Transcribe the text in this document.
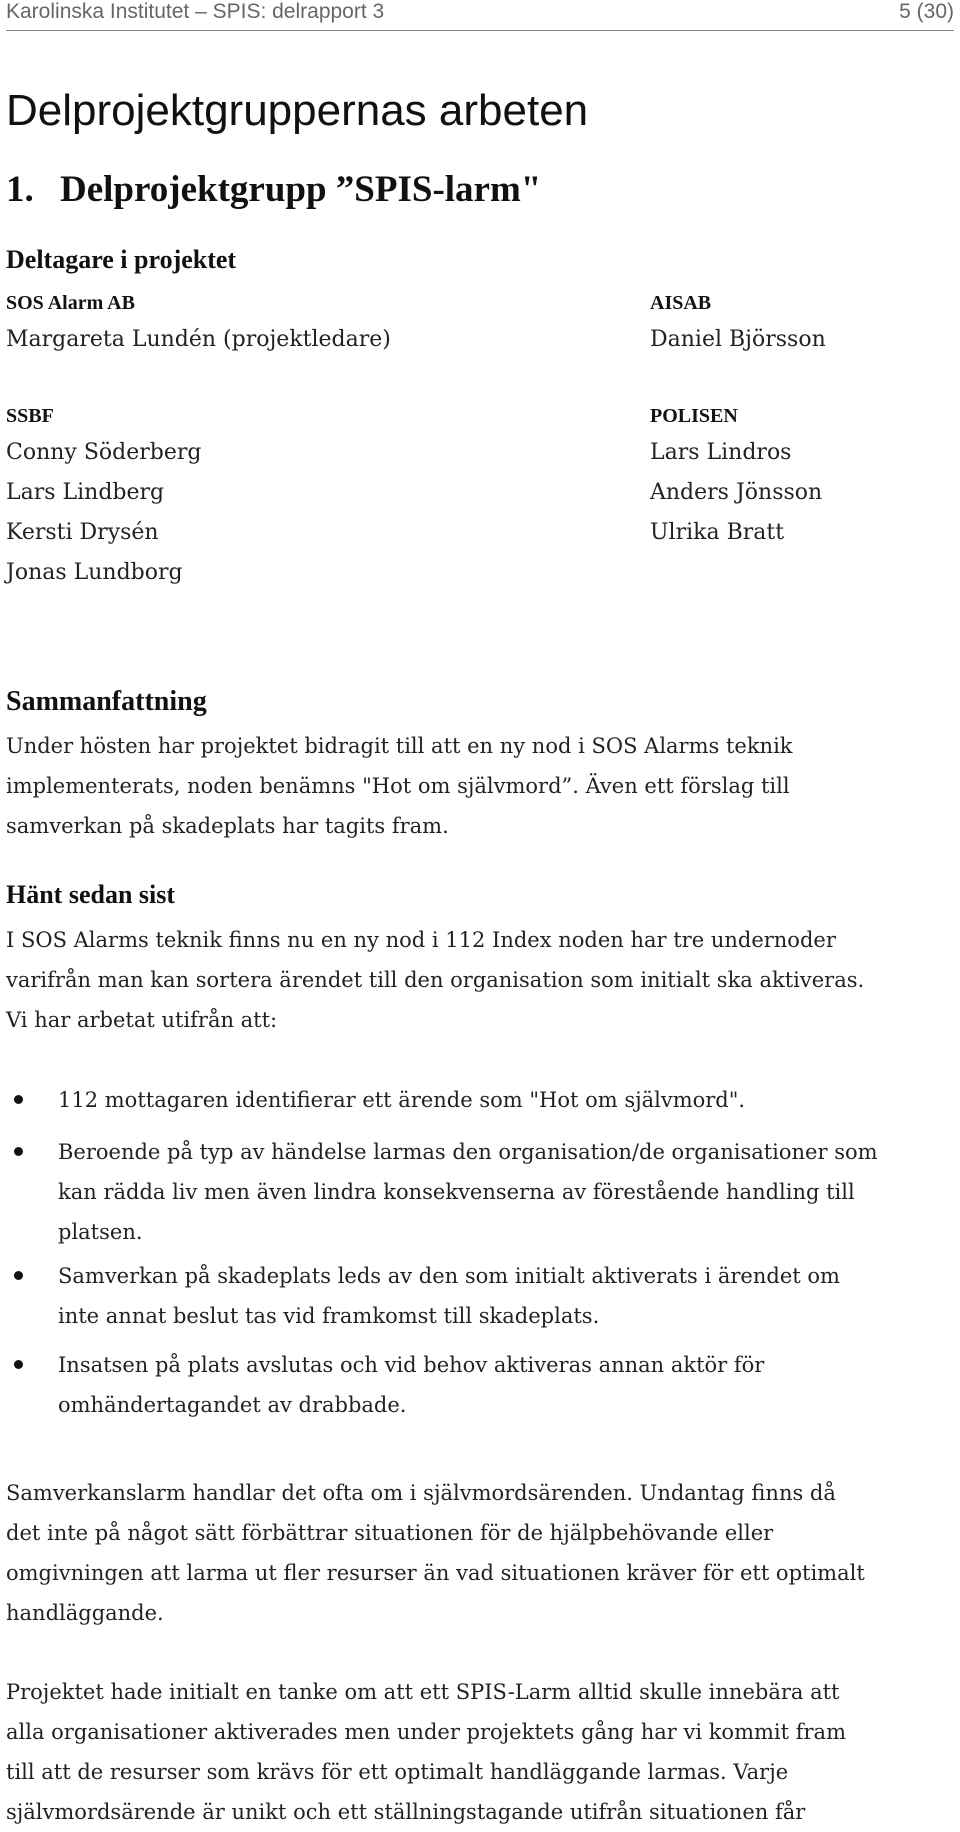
Karolinska Institutet – SPIS: delrapport 3	5 (30)
Delprojektgruppernas arbeten
1. Delprojektgrupp ”SPIS-larm"
Deltagare i projektet
SOS Alarm AB
Margareta Lundén (projektledare)
AISAB
Daniel Björsson
SSBF
Conny Söderberg
Lars Lindberg
Kersti Drysén
Jonas Lundborg
POLISEN
Lars Lindros
Anders Jönsson
Ulrika Bratt
Sammanfattning

Under hösten har projektet bidragit till att en ny nod i SOS Alarms teknik
implementerats, noden benämns "Hot om självmord”. Även ett förslag till
samverkan på skadeplats har tagits fram.

Hänt sedan sist

I SOS Alarms teknik finns nu en ny nod i 112 Index noden har tre undernoder
varifrån man kan sortera ärendet till den organisation som initialt ska aktiveras.
Vi har arbetat utifrån att:

112 mottagaren identifierar ett ärende som "Hot om självmord".
Beroende på typ av händelse larmas den organisation/de organisationer som
kan rädda liv men även lindra konsekvenserna av förestående handling till
platsen.
Samverkan på skadeplats leds av den som initialt aktiverats i ärendet om
inte annat beslut tas vid framkomst till skadeplats.
Insatsen på plats avslutas och vid behov aktiveras annan aktör för
omhändertagandet av drabbade.

Samverkanslarm handlar det ofta om i självmordsärenden. Undantag finns då
det inte på något sätt förbättrar situationen för de hjälpbehövande eller
omgivningen att larma ut fler resurser än vad situationen kräver för ett optimalt
handläggande.

Projektet hade initialt en tanke om att ett SPIS-Larm alltid skulle innebära att
alla organisationer aktiverades men under projektets gång har vi kommit fram
till att de resurser som krävs för ett optimalt handläggande larmas. Varje
självmordsärende är unikt och ett ställningstagande utifrån situationen får
